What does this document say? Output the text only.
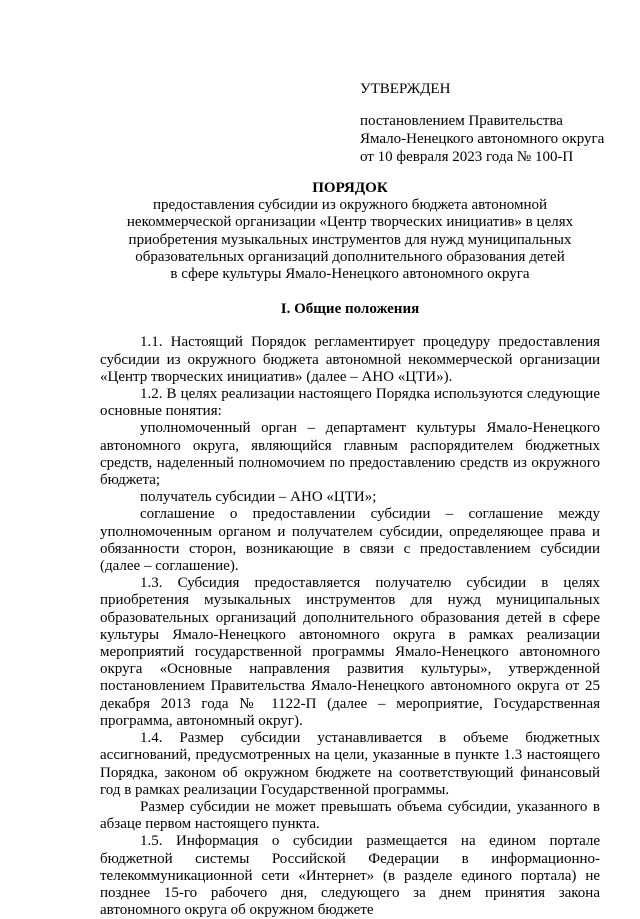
УТВЕРЖДЕН

постановлением Правительства
Ямало-Ненецкого автономного округа
от 10 февраля 2023 года № 100-П

ПОРЯДОК

предоставления субсидии из окружного бюджета автономной
некоммерческой организации «Центр творческих инициатив» в целях
приобретения музыкальных инструментов для нужд муниципальных
образовательных организаций дополнительного образования детей
в сфере культуры Ямало-Ненецкого автономного округа

I. Общие положения

1.1. Настоящий Порядок регламентирует процедуру предоставления субсидии из окружного бюджета автономной некоммерческой организации «Центр творческих инициатив» (далее – АНО «ЦТИ»).

1.2. В целях реализации настоящего Порядка используются следующие основные понятия:

уполномоченный орган – департамент культуры Ямало-Ненецкого автономного округа, являющийся главным распорядителем бюджетных средств, наделенный полномочием по предоставлению средств из окружного бюджета;

получатель субсидии – АНО «ЦТИ»;

соглашение о предоставлении субсидии – соглашение между уполномоченным органом и получателем субсидии, определяющее права и обязанности сторон, возникающие в связи с предоставлением субсидии (далее – соглашение).

1.3. Субсидия предоставляется получателю субсидии в целях приобретения музыкальных инструментов для нужд муниципальных образовательных организаций дополнительного образования детей в сфере культуры Ямало-Ненецкого автономного округа в рамках реализации мероприятий государственной программы Ямало-Ненецкого автономного округа «Основные направления развития культуры», утвержденной постановлением Правительства Ямало-Ненецкого автономного округа от 25 декабря 2013 года № 1122-П (далее – мероприятие, Государственная программа, автономный округ).

1.4. Размер субсидии устанавливается в объеме бюджетных ассигнований, предусмотренных на цели, указанные в пункте 1.3 настоящего Порядка, законом об окружном бюджете на соответствующий финансовый год в рамках реализации Государственной программы.

Размер субсидии не может превышать объема субсидии, указанного в абзаце первом настоящего пункта.

1.5. Информация о субсидии размещается на едином портале бюджетной системы Российской Федерации в информационно-телекоммуникационной сети «Интернет» (в разделе единого портала) не позднее 15-го рабочего дня, следующего за днем принятия закона автономного округа об окружном бюджете
